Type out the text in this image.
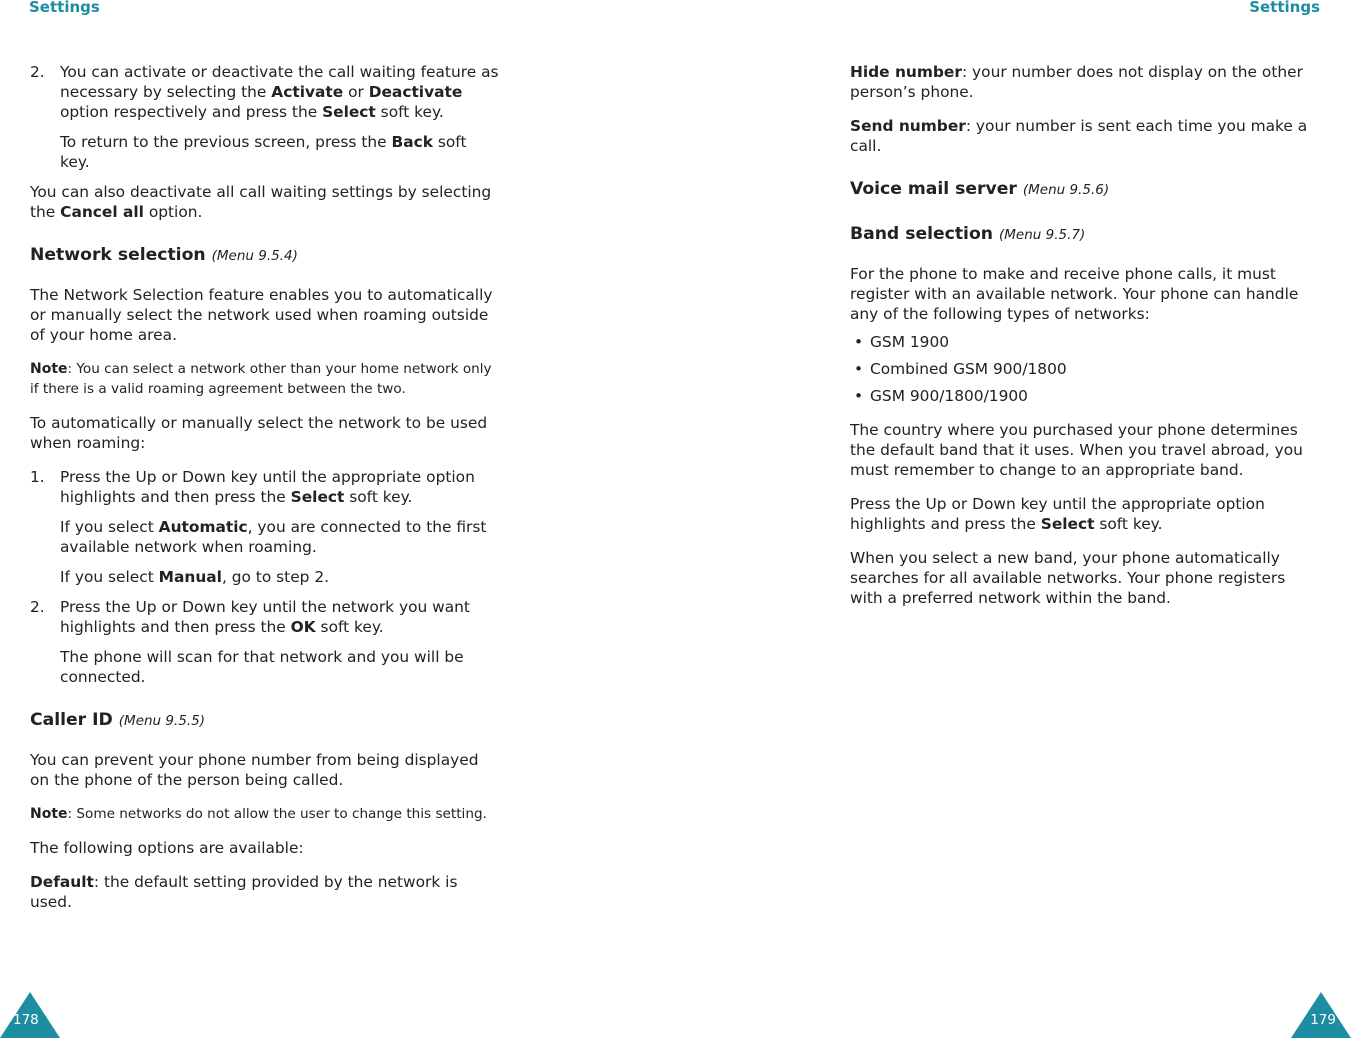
Settings	Settings
2. You can activate or deactivate the call waiting feature as necessary by selecting the Activate or Deactivate option respectively and press the Select soft key.
To return to the previous screen, press the Back soft key.

You can also deactivate all call waiting settings by selecting the Cancel all option.

Network selection (Menu 9.5.4)

The Network Selection feature enables you to automatically or manually select the network used when roaming outside of your home area.

Note: You can select a network other than your home network only if there is a valid roaming agreement between the two.

To automatically or manually select the network to be used when roaming:

1. Press the Up or Down key until the appropriate option highlights and then press the Select soft key.
If you select Automatic, you are connected to the first available network when roaming.
If you select Manual, go to step 2.
2. Press the Up or Down key until the network you want highlights and then press the OK soft key.
The phone will scan for that network and you will be connected.
Caller ID (Menu 9.5.5)

You can prevent your phone number from being displayed on the phone of the person being called.

Note: Some networks do not allow the user to change this setting.

The following options are available:

Default: the default setting provided by the network is used.

Hide number: your number does not display on the other person’s phone.

Send number: your number is sent each time you make a call.

Voice mail server (Menu 9.5.6)
Band selection (Menu 9.5.7)

For the phone to make and receive phone calls, it must register with an available network. Your phone can handle any of the following types of networks:

• GSM 1900
• Combined GSM 900/1800
• GSM 900/1800/1900

The country where you purchased your phone determines the default band that it uses. When you travel abroad, you must remember to change to an appropriate band.

Press the Up or Down key until the appropriate option highlights and press the Select soft key.

When you select a new band, your phone automatically searches for all available networks. Your phone registers with a preferred network within the band.

178	179
